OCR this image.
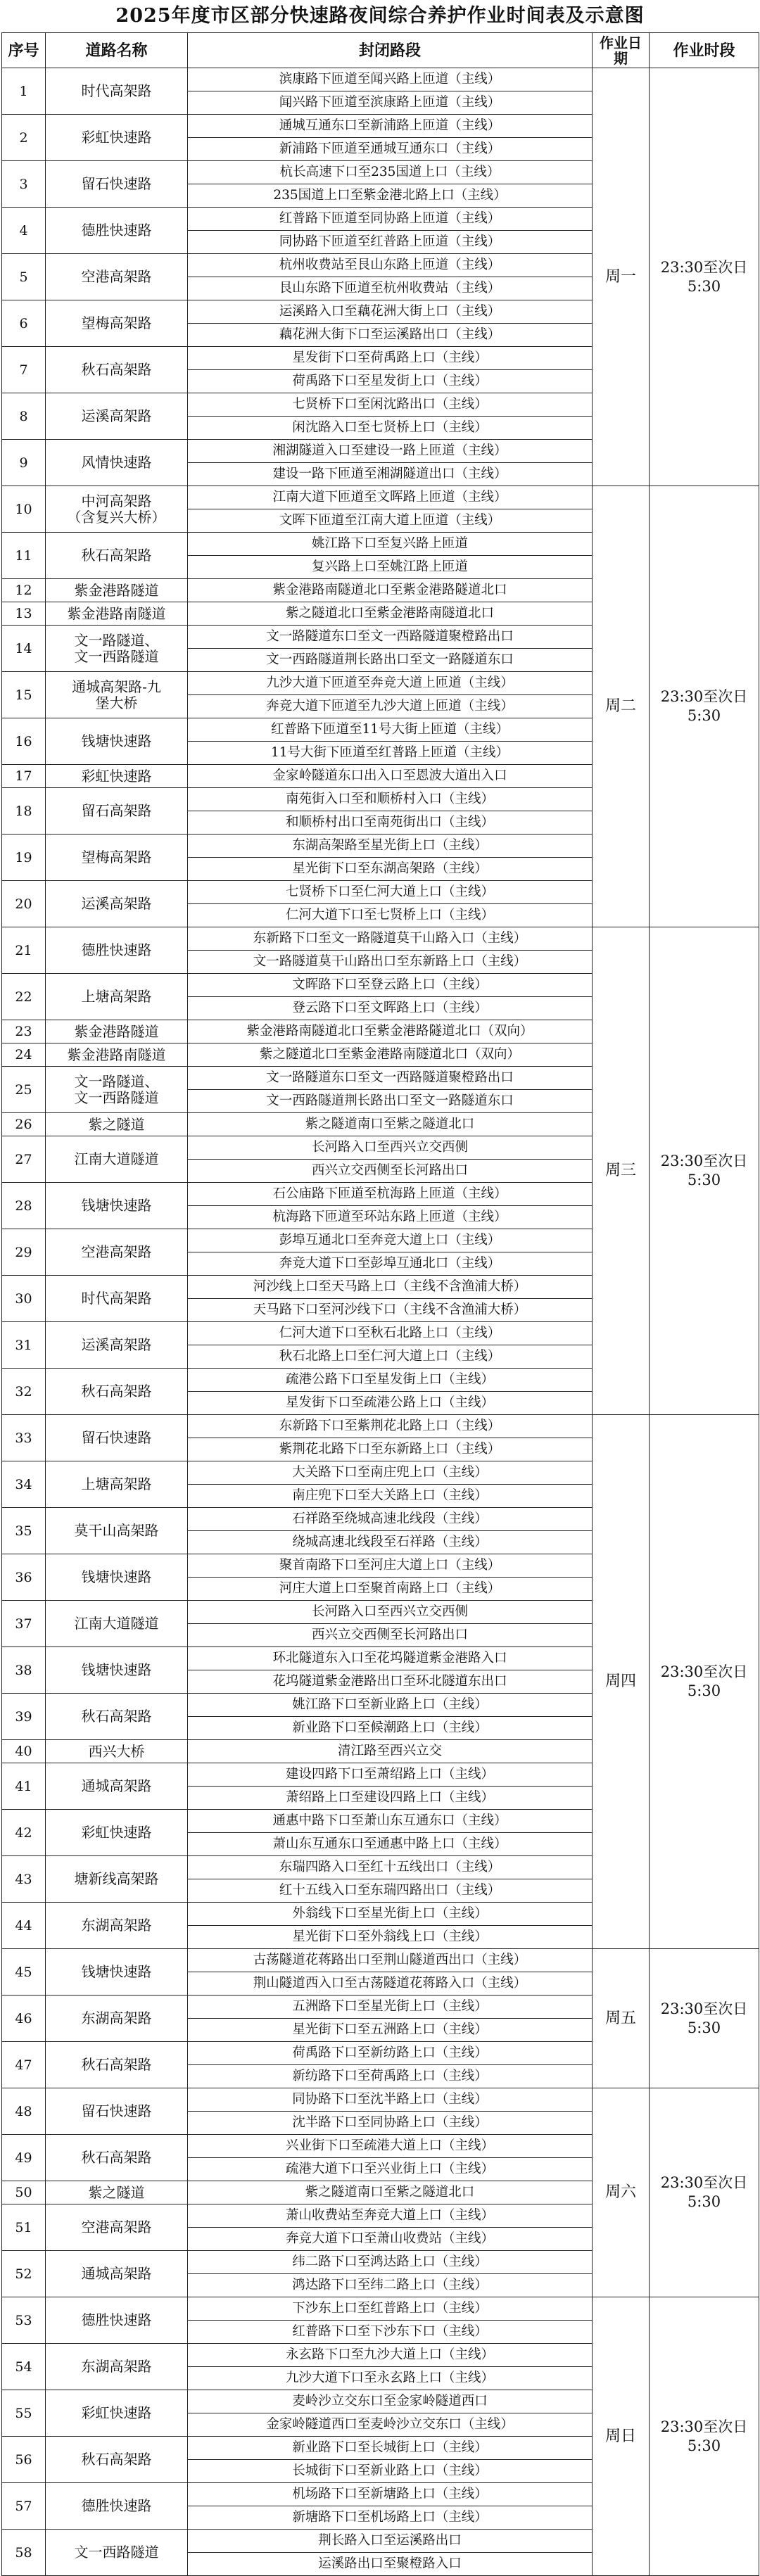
2025年度市区部分快速路夜间综合养护作业时间表及示意图
序号	道路名称	封闭路段	作业日期	作业时段
1	时代高架路	滨康路下匝道至闻兴路上匝道（主线）	周一	23:30至次日5:30
		闻兴路下匝道至滨康路上匝道（主线）		
2	彩虹快速路	通城互通东口至新浦路上匝道（主线）		
		新浦路下匝道至通城互通东口（主线）		
3	留石快速路	杭长高速下口至235国道上口（主线）		
		235国道上口至紫金港北路上口（主线）		
4	德胜快速路	红普路下匝道至同协路上匝道（主线）		
		同协路下匝道至红普路上匝道（主线）		
5	空港高架路	杭州收费站至艮山东路上匝道（主线）		
		艮山东路下匝道至杭州收费站（主线）		
6	望梅高架路	运溪路入口至藕花洲大街上口（主线）		
		藕花洲大街下口至运溪路出口（主线）		
7	秋石高架路	星发街下口至荷禹路上口（主线）		
		荷禹路下口至星发街上口（主线）		
8	运溪高架路	七贤桥下口至闲沈路出口（主线）		
		闲沈路入口至七贤桥上口（主线）		
9	风情快速路	湘湖隧道入口至建设一路上匝道（主线）		
		建设一路下匝道至湘湖隧道出口（主线）		
10	中河高架路
（含复兴大桥）	江南大道下匝道至文晖路上匝道（主线）	周二	23:30至次日5:30
		文晖下匝道至江南大道上匝道（主线）		
11	秋石高架路	姚江路下口至复兴路上匝道		
		复兴路上口至姚江路上匝道		
12	紫金港路隧道	紫金港路南隧道北口至紫金港路隧道北口		
13	紫金港路南隧道	紫之隧道北口至紫金港路南隧道北口		
14	文一路隧道、
文一西路隧道	文一路隧道东口至文一西路隧道聚橙路出口		
		文一西路隧道荆长路出口至文一路隧道东口		
15	通城高架路-九
堡大桥	九沙大道下匝道至奔竞大道上匝道（主线）		
		奔竞大道下匝道至九沙大道上匝道（主线）		
16	钱塘快速路	红普路下匝道至11号大街上匝道（主线）		
		11号大街下匝道至红普路上匝道（主线）		
17	彩虹快速路	金家岭隧道东口出入口至恩波大道出入口		
18	留石高架路	南苑街入口至和顺桥村入口（主线）		
		和顺桥村出口至南苑街出口（主线）		
19	望梅高架路	东湖高架路至星光街上口（主线）		
		星光街下口至东湖高架路（主线）		
20	运溪高架路	七贤桥下口至仁河大道上口（主线）		
		仁河大道下口至七贤桥上口（主线）		
21	德胜快速路	东新路下口至文一路隧道莫干山路入口（主线）	周三	23:30至次日5:30
		文一路隧道莫干山路出口至东新路上口（主线）		
22	上塘高架路	文晖路下口至登云路上口（主线）		
		登云路下口至文晖路上口（主线）		
23	紫金港路隧道	紫金港路南隧道北口至紫金港路隧道北口（双向）		
24	紫金港路南隧道	紫之隧道北口至紫金港路南隧道北口（双向）		
25	文一路隧道、
文一西路隧道	文一路隧道东口至文一西路隧道聚橙路出口		
		文一西路隧道荆长路出口至文一路隧道东口		
26	紫之隧道	紫之隧道南口至紫之隧道北口		
27	江南大道隧道	长河路入口至西兴立交西侧		
		西兴立交西侧至长河路出口		
28	钱塘快速路	石公庙路下匝道至杭海路上匝道（主线）		
		杭海路下匝道至环站东路上匝道（主线）		
29	空港高架路	彭埠互通北口至奔竞大道上口（主线）		
		奔竞大道下口至彭埠互通北口（主线）		
30	时代高架路	河沙线上口至天马路上口（主线不含渔浦大桥）		
		天马路下口至河沙线下口（主线不含渔浦大桥）		
31	运溪高架路	仁河大道下口至秋石北路上口（主线）		
		秋石北路上口至仁河大道上口（主线）		
32	秋石高架路	疏港公路下口至星发街上口（主线）		
		星发街下口至疏港公路上口（主线）		
33	留石快速路	东新路下口至紫荆花北路上口（主线）	周四	23:30至次日5:30
		紫荆花北路下口至东新路上口（主线）		
34	上塘高架路	大关路下口至南庄兜上口（主线）		
		南庄兜下口至大关路上口（主线）		
35	莫干山高架路	石祥路至绕城高速北线段（主线）		
		绕城高速北线段至石祥路（主线）		
36	钱塘快速路	聚首南路下口至河庄大道上口（主线）		
		河庄大道上口至聚首南路上口（主线）		
37	江南大道隧道	长河路入口至西兴立交西侧		
		西兴立交西侧至长河路出口		
38	钱塘快速路	环北隧道东入口至花坞隧道紫金港路入口		
		花坞隧道紫金港路出口至环北隧道东出口		
39	秋石高架路	姚江路下口至新业路上口（主线）		
		新业路下口至候潮路上口（主线）		
40	西兴大桥	清江路至西兴立交		
41	通城高架路	建设四路下口至萧绍路上口（主线）		
		萧绍路上口至建设四路上口（主线）		
42	彩虹快速路	通惠中路下口至萧山东互通东口（主线）		
		萧山东互通东口至通惠中路上口（主线）		
43	塘新线高架路	东瑞四路入口至红十五线出口（主线）		
		红十五线入口至东瑞四路出口（主线）		
44	东湖高架路	外翁线下口至星光街上口（主线）		
		星光街下口至外翁线上口（主线）		
45	钱塘快速路	古荡隧道花蒋路出口至荆山隧道西出口（主线）	周五	23:30至次日5:30
		荆山隧道西入口至古荡隧道花蒋路入口（主线）		
46	东湖高架路	五洲路下口至星光街上口（主线）		
		星光街下口至五洲路上口（主线）		
47	秋石高架路	荷禹路下口至新纺路上口（主线）		
		新纺路下口至荷禹路上口（主线）		
48	留石快速路	同协路下口至沈半路上口（主线）	周六	23:30至次日5:30
		沈半路下口至同协路上口（主线）		
49	秋石高架路	兴业街下口至疏港大道上口（主线）		
		疏港大道下口至兴业街上口（主线）		
50	紫之隧道	紫之隧道南口至紫之隧道北口		
51	空港高架路	萧山收费站至奔竞大道上口（主线）		
		奔竞大道下口至萧山收费站（主线）		
52	通城高架路	纬二路下口至鸿达路上口（主线）		
		鸿达路下口至纬二路上口（主线）		
53	德胜快速路	下沙东上口至红普路上口（主线）	周日	23:30至次日5:30
		红普路下口至下沙东下口（主线）		
54	东湖高架路	永玄路下口至九沙大道上口（主线）		
		九沙大道下口至永玄路上口（主线）		
55	彩虹快速路	麦岭沙立交东口至金家岭隧道西口		
		金家岭隧道西口至麦岭沙立交东口（主线）		
56	秋石高架路	新业路下口至长城街上口（主线）		
		长城街下口至新业路上口（主线）		
57	德胜快速路	机场路下口至新塘路上口（主线）		
		新塘路下口至机场路上口（主线）		
58	文一西路隧道	荆长路入口至运溪路出口		
		运溪路出口至聚橙路入口		
